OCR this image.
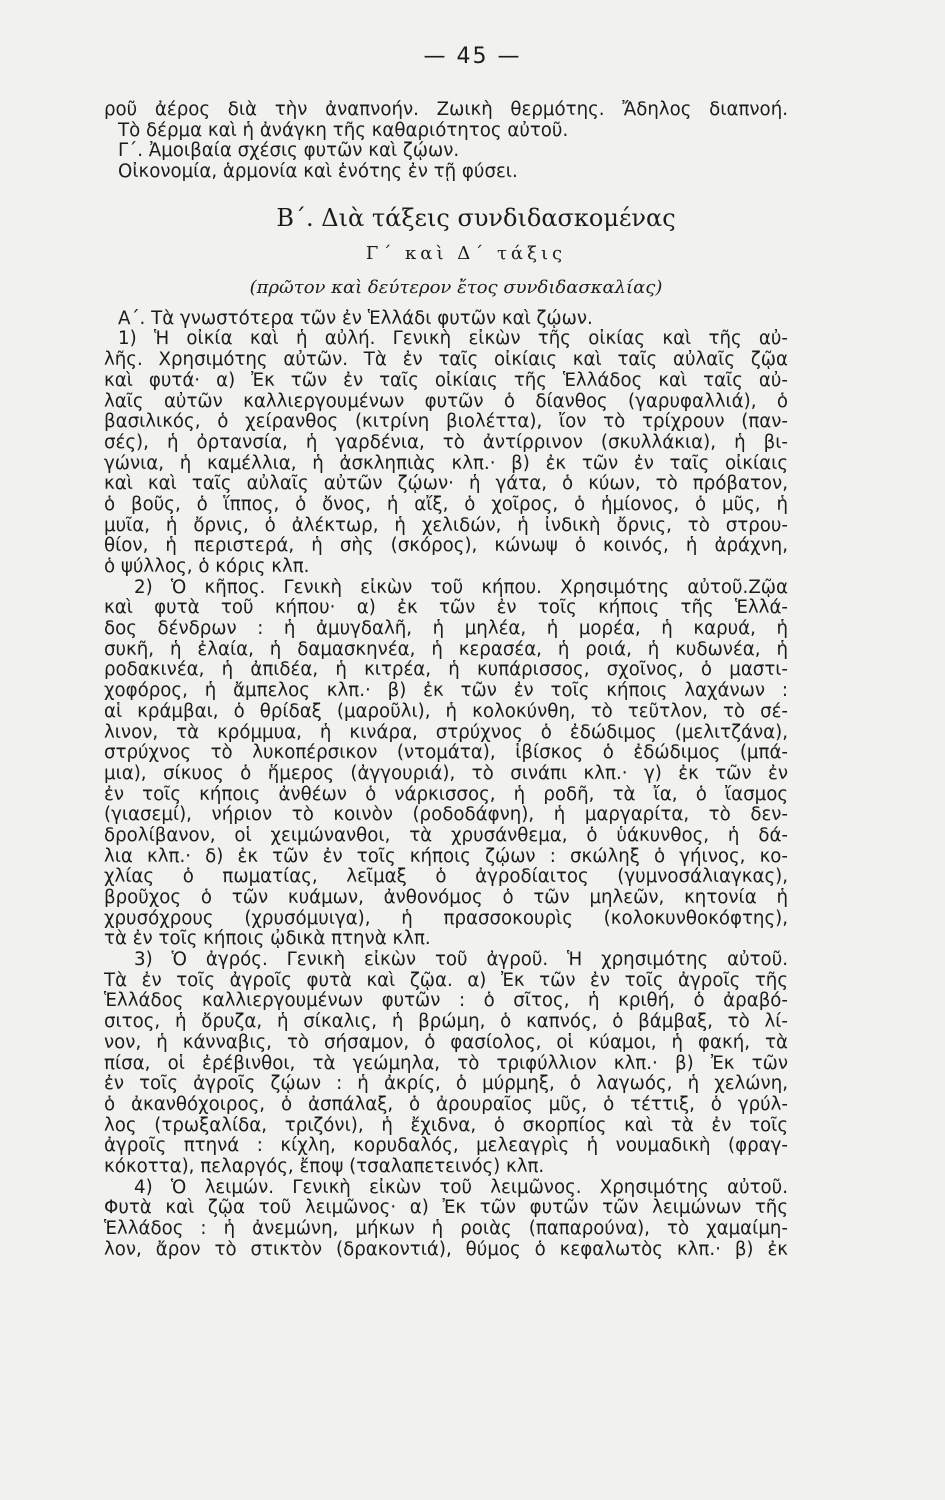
— 45 —
ροῦ ἀέρος διὰ τὴν ἀναπνοήν. Ζωικὴ θερμότης. Ἄδηλος διαπνοή.
Τὸ δέρμα καὶ ἡ ἀνάγκη τῆς καθαριότητος αὐτοῦ.
Γ΄. Ἀμοιβαία σχέσις φυτῶν καὶ ζῴων.
Οἰκονομία, ἁρμονία καὶ ἑνότης ἐν τῇ φύσει.
Β΄. Διὰ τάξεις συνδιδασκομένας
Γ΄ καὶ Δ΄ τάξις
(πρῶτον καὶ δεύτερον ἔτος συνδιδασκαλίας)
Α΄. Τὰ γνωστότερα τῶν ἐν Ἑλλάδι φυτῶν καὶ ζῴων.
1) Ἡ οἰκία καὶ ἡ αὐλή. Γενικὴ εἰκὼν τῆς οἰκίας καὶ τῆς αὐ-
λῆς. Χρησιμότης αὐτῶν. Τὰ ἐν ταῖς οἰκίαις καὶ ταῖς αὐλαῖς ζῷα
καὶ φυτά· α) Ἐκ τῶν ἐν ταῖς οἰκίαις τῆς Ἑλλάδος καὶ ταῖς αὐ-
λαῖς αὐτῶν καλλιεργουμένων φυτῶν ὁ δίανθος (γαρυφαλλιά), ὁ
βασιλικός, ὁ χείρανθος (κιτρίνη βιολέττα), ἴον τὸ τρίχρουν (παν-
σές), ἡ ὀρτανσία, ἡ γαρδένια, τὸ ἀντίρρινον (σκυλλάκια), ἡ βι-
γώνια, ἡ καμέλλια, ἡ ἀσκληπιὰς κλπ.· β) ἐκ τῶν ἐν ταῖς οἰκίαις
καὶ καὶ ταῖς αὐλαῖς αὐτῶν ζῴων· ἡ γάτα, ὁ κύων, τὸ πρόβατον,
ὁ βοῦς, ὁ ἵππος, ὁ ὄνος, ἡ αἴξ, ὁ χοῖρος, ὁ ἡμίονος, ὁ μῦς, ἡ
μυῖα, ἡ ὄρνις, ὁ ἀλέκτωρ, ἡ χελιδών, ἡ ἰνδικὴ ὄρνις, τὸ στρου-
θίον, ἡ περιστερά, ἡ σὴς (σκόρος), κώνωψ ὁ κοινός, ἡ ἀράχνη,
ὁ ψύλλος, ὁ κόρις κλπ.
2) Ὁ κῆπος. Γενικὴ εἰκὼν τοῦ κήπου. Χρησιμότης αὐτοῦ.Ζῷα
καὶ φυτὰ τοῦ κήπου· α) ἐκ τῶν ἐν τοῖς κήποις τῆς Ἑλλά-
δος δένδρων : ἡ ἀμυγδαλῆ, ἡ μηλέα, ἡ μορέα, ἡ καρυά, ἡ
συκῆ, ἡ ἐλαία, ἡ δαμασκηνέα, ἡ κερασέα, ἡ ροιά, ἡ κυδωνέα, ἡ
ροδακινέα, ἡ ἀπιδέα, ἡ κιτρέα, ἡ κυπάρισσος, σχοῖνος, ὁ μαστι-
χοφόρος, ἡ ἄμπελος κλπ.· β) ἐκ τῶν ἐν τοῖς κήποις λαχάνων :
αἱ κράμβαι, ὁ θρίδαξ (μαροῦλι), ἡ κολοκύνθη, τὸ τεῦτλον, τὸ σέ-
λινον, τὰ κρόμμυα, ἡ κινάρα, στρύχνος ὁ ἐδώδιμος (μελιτζάνα),
στρύχνος τὸ λυκοπέρσικον (ντομάτα), ἱβίσκος ὁ ἐδώδιμος (μπά-
μια), σίκυος ὁ ἥμερος (ἀγγουριά), τὸ σινάπι κλπ.· γ) ἐκ τῶν ἐν
ἐν τοῖς κήποις ἀνθέων ὁ νάρκισσος, ἡ ροδῆ, τὰ ἴα, ὁ ἴασμος
(γιασεμί), νήριον τὸ κοινὸν (ροδοδάφνη), ἡ μαργαρίτα, τὸ δεν-
δρολίβανον, οἱ χειμώνανθοι, τὰ χρυσάνθεμα, ὁ ὑάκυνθος, ἡ δά-
λια κλπ.· δ) ἐκ τῶν ἐν τοῖς κήποις ζῴων : σκώληξ ὁ γήινος, κο-
χλίας ὁ πωματίας, λεῖμαξ ὁ ἀγροδίαιτος (γυμνοσάλιαγκας),
βροῦχος ὁ τῶν κυάμων, ἀνθονόμος ὁ τῶν μηλεῶν, κητονία ἡ
χρυσόχρους (χρυσόμυιγα), ἡ πρασσοκουρὶς (κολοκυνθοκόφτης),
τὰ ἐν τοῖς κήποις ᾠδικὰ πτηνὰ κλπ.
3) Ὁ ἀγρός. Γενικὴ εἰκὼν τοῦ ἀγροῦ. Ἡ χρησιμότης αὐτοῦ.
Τὰ ἐν τοῖς ἀγροῖς φυτὰ καὶ ζῷα. α) Ἐκ τῶν ἐν τοῖς ἀγροῖς τῆς
Ἑλλάδος καλλιεργουμένων φυτῶν : ὁ σῖτος, ἡ κριθή, ὁ ἀραβό-
σιτος, ἡ ὄρυζα, ἡ σίκαλις, ἡ βρώμη, ὁ καπνός, ὁ βάμβαξ, τὸ λί-
νον, ἡ κάνναβις, τὸ σήσαμον, ὁ φασίολος, οἱ κύαμοι, ἡ φακή, τὰ
πίσα, οἱ ἐρέβινθοι, τὰ γεώμηλα, τὸ τριφύλλιον κλπ.· β) Ἐκ τῶν
ἐν τοῖς ἀγροῖς ζῴων : ἡ ἀκρίς, ὁ μύρμηξ, ὁ λαγωός, ἡ χελώνη,
ὁ ἀκανθόχοιρος, ὁ ἀσπάλαξ, ὁ ἀρουραῖος μῦς, ὁ τέττιξ, ὁ γρύλ-
λος (τρωξαλίδα, τριζόνι), ἡ ἔχιδνα, ὁ σκορπίος καὶ τὰ ἐν τοῖς
ἀγροῖς πτηνά : κίχλη, κορυδαλός, μελεαγρὶς ἡ νουμαδικὴ (φραγ-
κόκοττα), πελαργός, ἔποψ (τσαλαπετεινός) κλπ.
4) Ὁ λειμών. Γενικὴ εἰκὼν τοῦ λειμῶνος. Χρησιμότης αὐτοῦ.
Φυτὰ καὶ ζῷα τοῦ λειμῶνος· α) Ἐκ τῶν φυτῶν τῶν λειμώνων τῆς
Ἑλλάδος : ἡ ἀνεμώνη, μήκων ἡ ροιὰς (παπαρούνα), τὸ χαμαίμη-
λον, ἄρον τὸ στικτὸν (δρακοντιά), θύμος ὁ κεφαλωτὸς κλπ.· β) ἐκ
